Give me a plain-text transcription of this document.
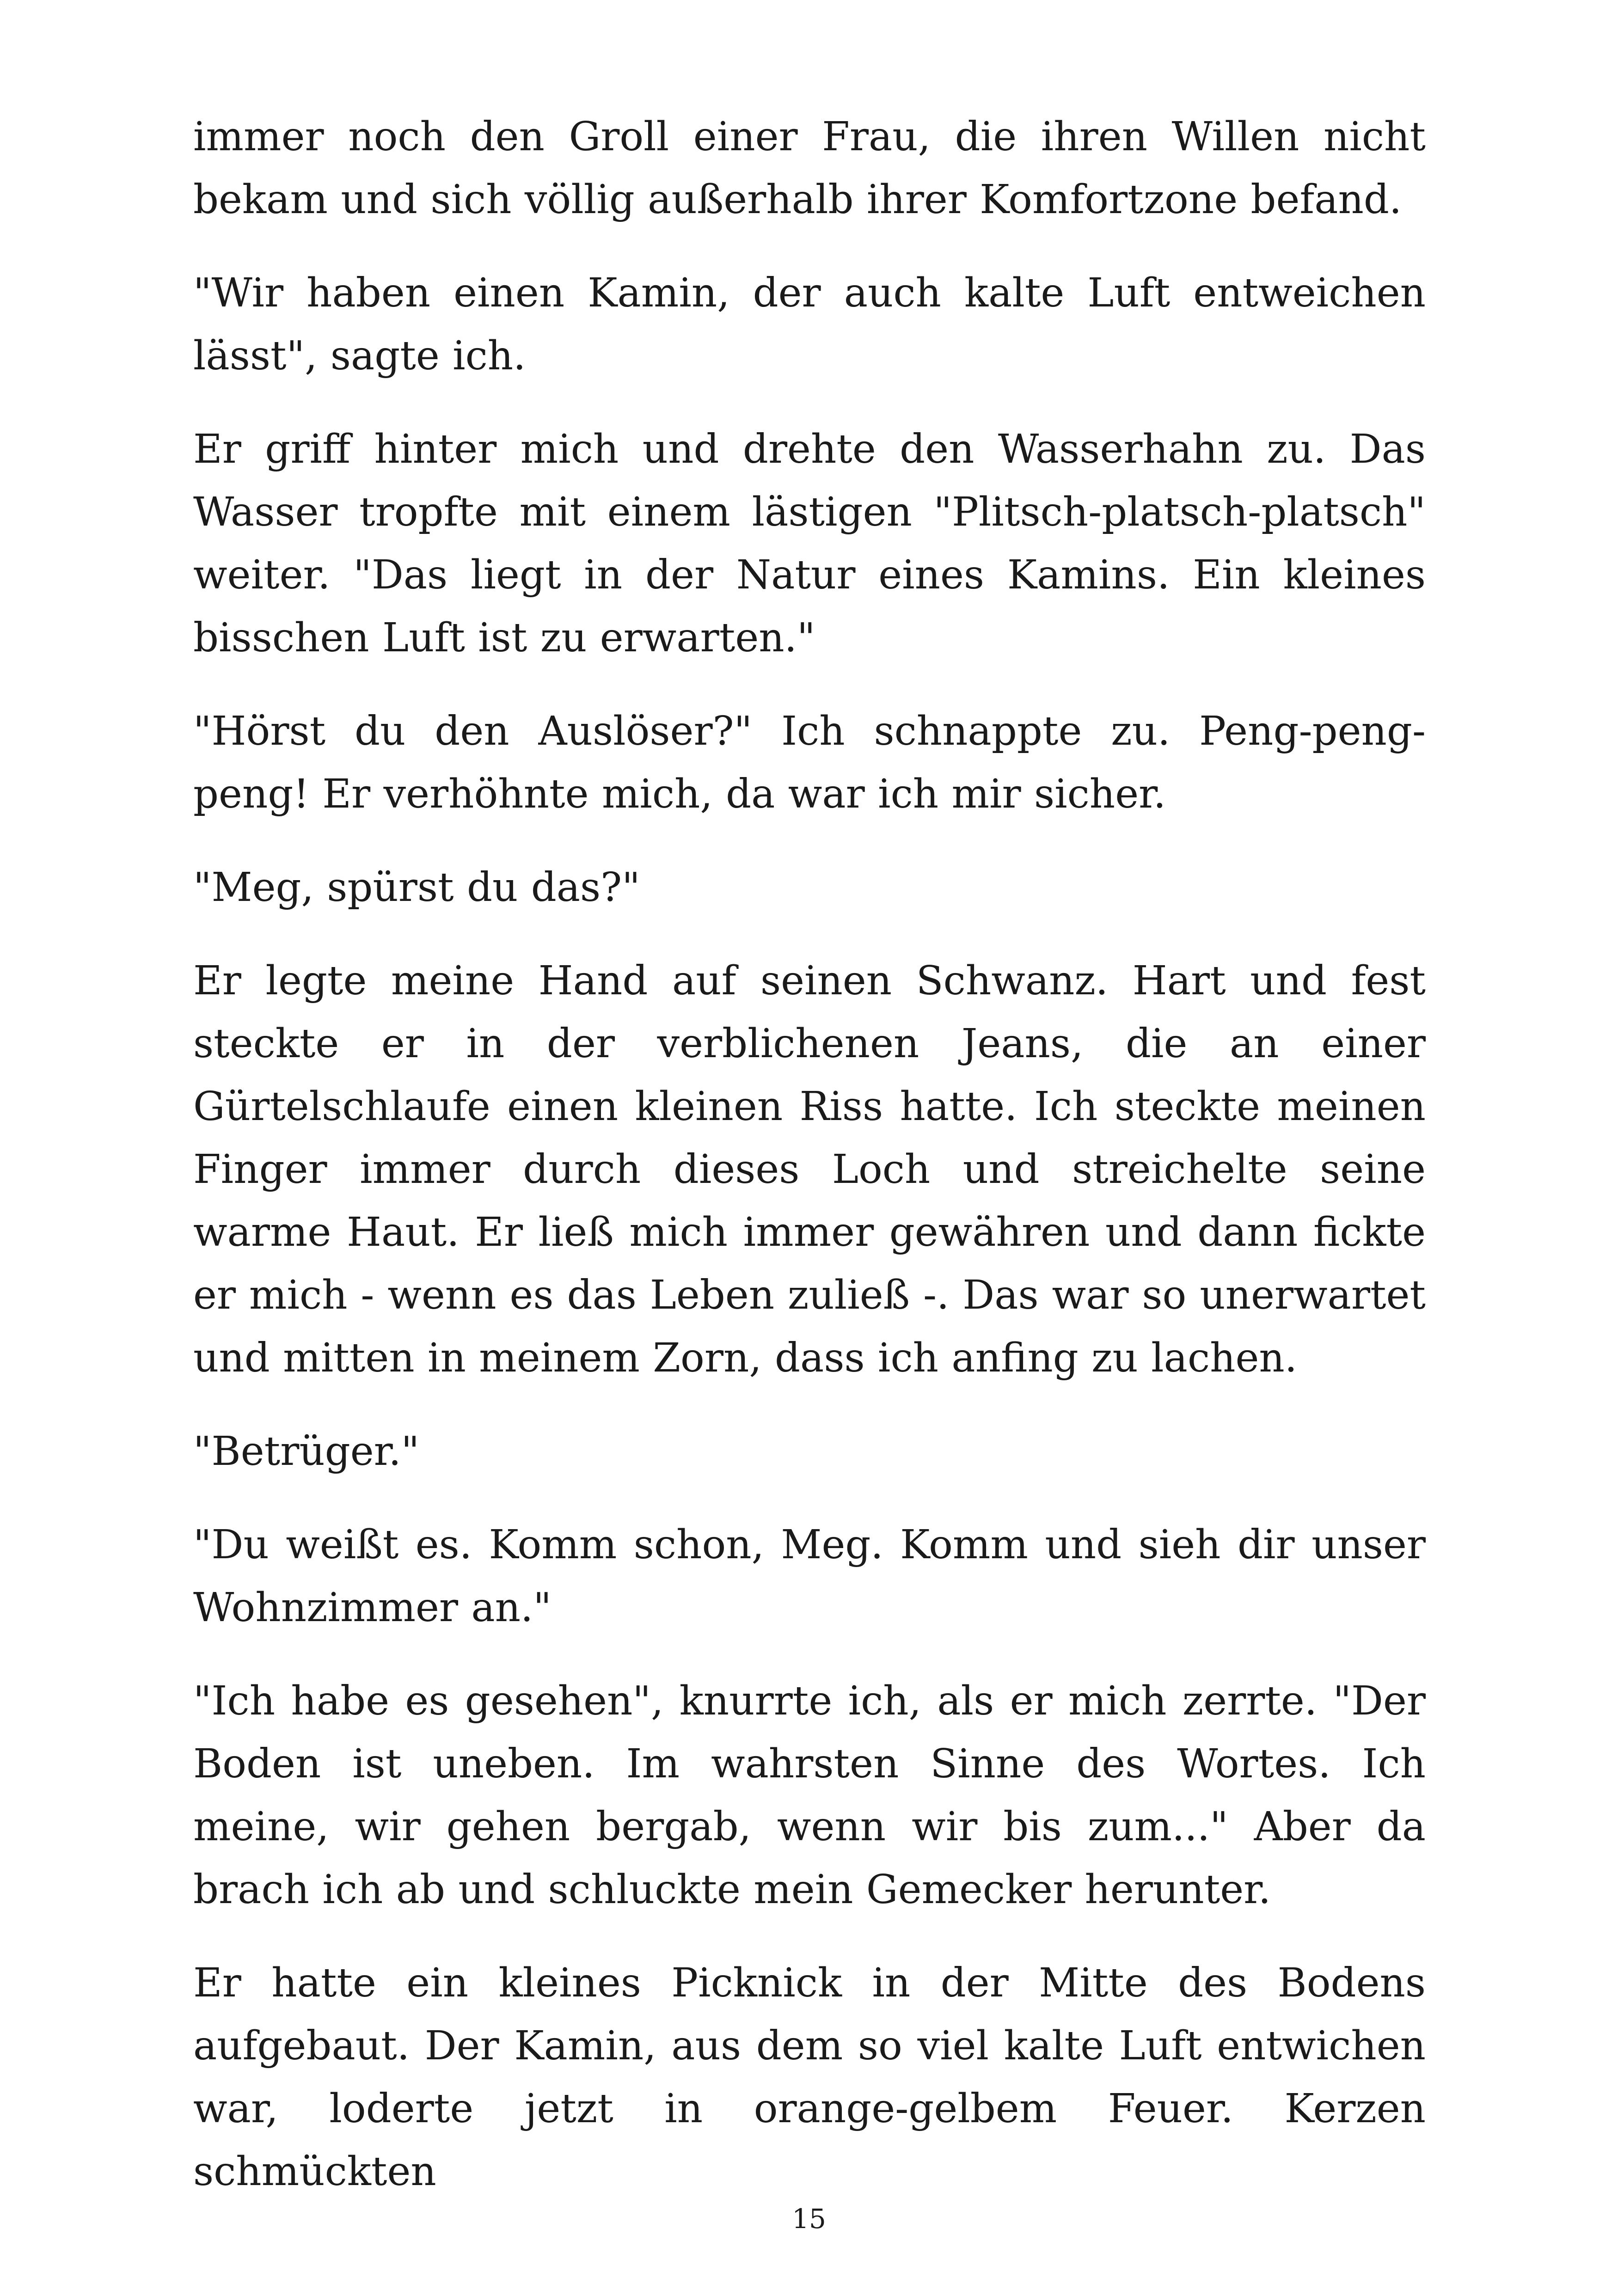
immer noch den Groll einer Frau, die ihren Willen nicht bekam und sich völlig außerhalb ihrer Komfortzone befand.

"Wir haben einen Kamin, der auch kalte Luft entweichen lässt", sagte ich.

Er griff hinter mich und drehte den Wasserhahn zu. Das Wasser tropfte mit einem lästigen "Plitsch-platsch-platsch" weiter. "Das liegt in der Natur eines Kamins. Ein kleines bisschen Luft ist zu erwarten."

"Hörst du den Auslöser?" Ich schnappte zu. Peng-peng-peng! Er verhöhnte mich, da war ich mir sicher.

"Meg, spürst du das?"

Er legte meine Hand auf seinen Schwanz. Hart und fest steckte er in der verblichenen Jeans, die an einer Gürtelschlaufe einen kleinen Riss hatte. Ich steckte meinen Finger immer durch dieses Loch und streichelte seine warme Haut. Er ließ mich immer gewähren und dann fickte er mich - wenn es das Leben zuließ -. Das war so unerwartet und mitten in meinem Zorn, dass ich anfing zu lachen.

"Betrüger."

"Du weißt es. Komm schon, Meg. Komm und sieh dir unser Wohnzimmer an."

"Ich habe es gesehen", knurrte ich, als er mich zerrte. "Der Boden ist uneben. Im wahrsten Sinne des Wortes. Ich meine, wir gehen bergab, wenn wir bis zum..." Aber da brach ich ab und schluckte mein Gemecker herunter.

Er hatte ein kleines Picknick in der Mitte des Bodens aufgebaut. Der Kamin, aus dem so viel kalte Luft entwichen war, loderte jetzt in orange-gelbem Feuer. Kerzen schmückten

15
